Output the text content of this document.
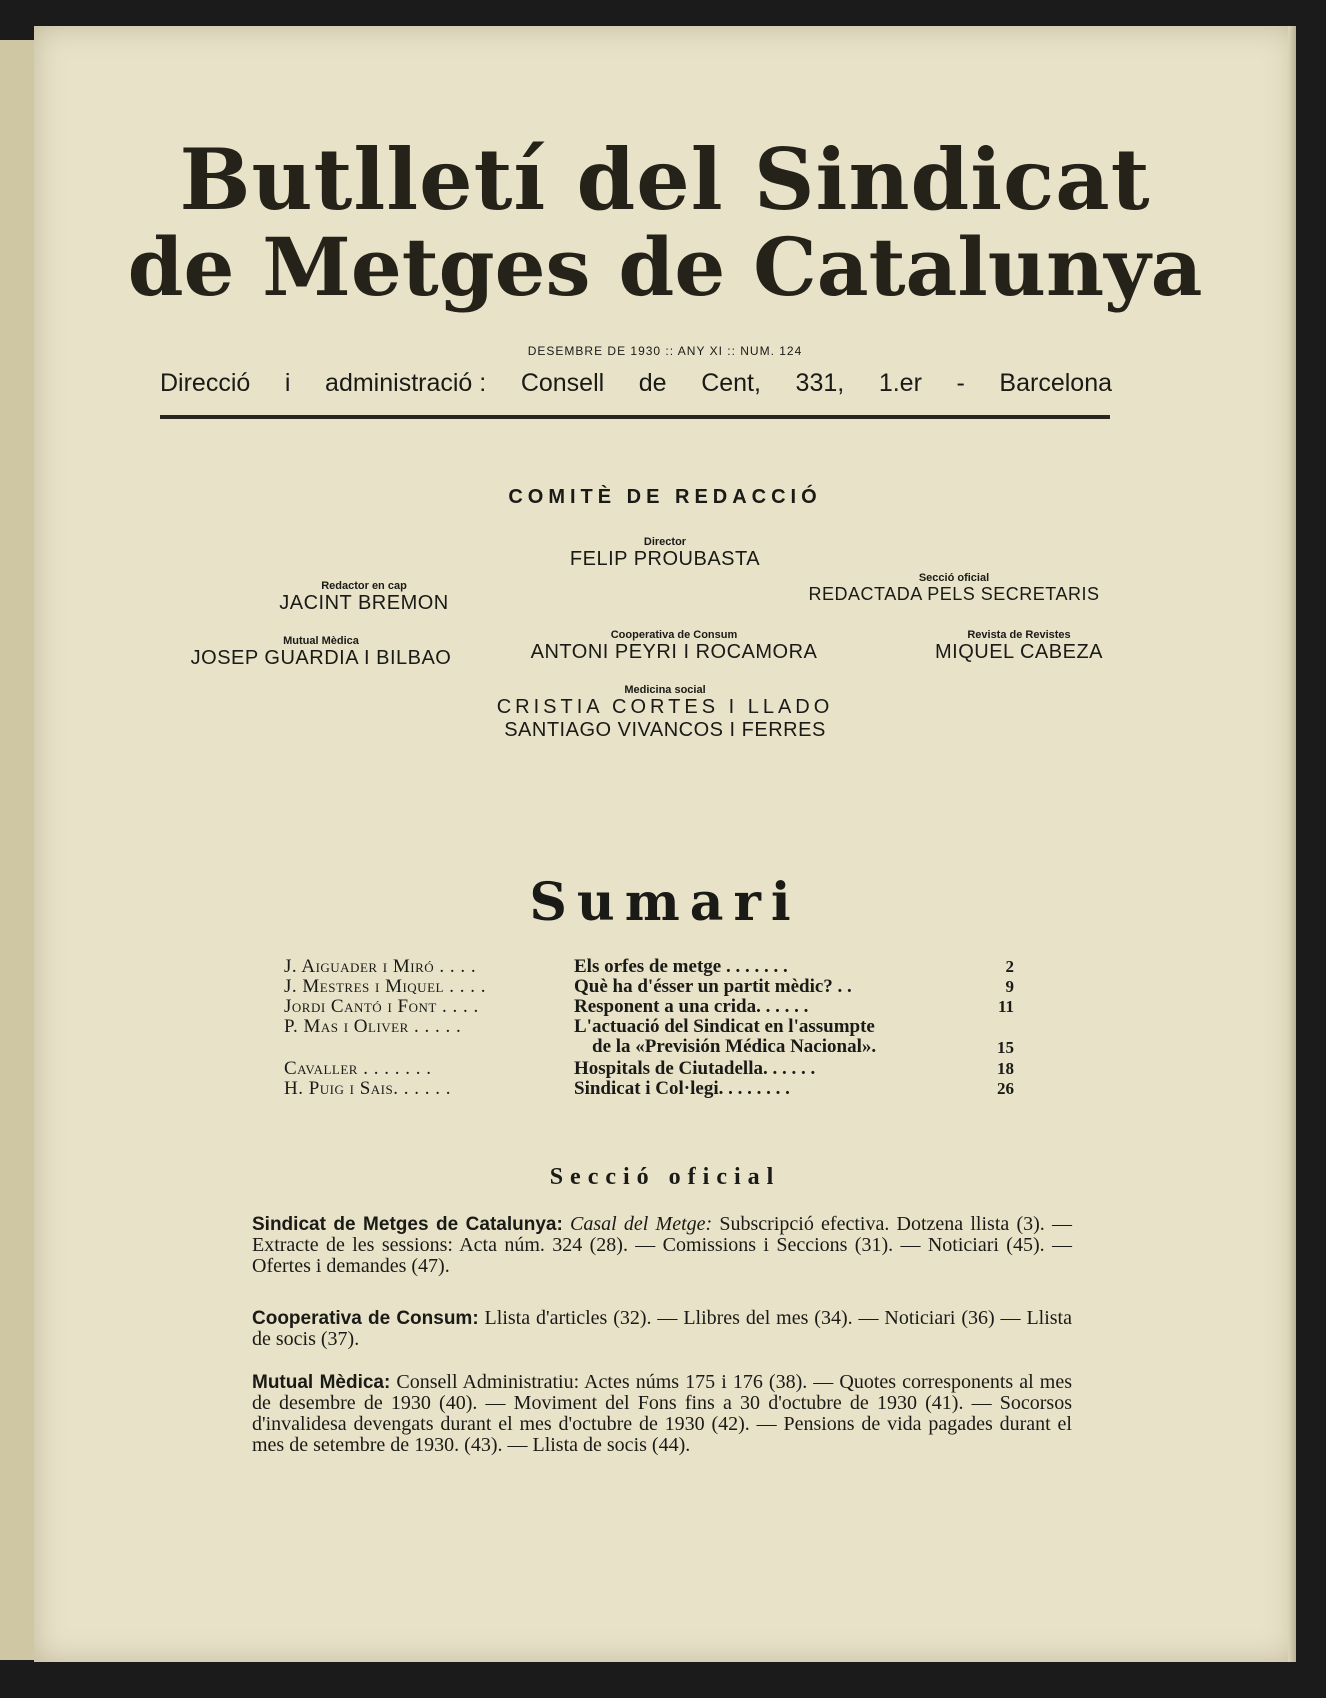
Butlletí del Sindicat
de Metges de Catalunya
DESEMBRE DE 1930 :: ANY XI :: NUM. 124
Direcció i administració : Consell de Cent, 331, 1.er - Barcelona
COMITÈ DE REDACCIÓ
Director
FELIP PROUBASTA
Redactor en cap
JACINT BREMON
Secció oficial
REDACTADA PELS SECRETARIS
Mutual Mèdica
JOSEP GUARDIA I BILBAO
Cooperativa de Consum
ANTONI PEYRI I ROCAMORA
Revista de Revistes
MIQUEL CABEZA
Medicina social
CRISTIA CORTES I LLADO
SANTIAGO VIVANCOS I FERRES
Sumari
J. Aiguader i Miró . . . .	Els orfes de metge . . . . . . .	2
J. Mestres i Miquel . . . .	Què ha d'ésser un partit mèdic? . .	9
Jordi Cantó i Font . . . .	Responent a una crida. . . . . .	11
P. Mas i Oliver . . . . .	L'actuació del Sindicat en l'assumpte
de la «Previsión Médica Nacional».	15
Cavaller . . . . . . .	Hospitals de Ciutadella. . . . . .	18
H. Puig i Sais. . . . . .	Sindicat i Col·legi. . . . . . . .	26
Secció oficial
Sindicat de Metges de Catalunya: Casal del Metge: Subscripció efectiva. Dotzena llista (3). — Extracte de les sessions: Acta núm. 324 (28). — Comissions i Seccions (31). — Noticiari (45). — Ofertes i demandes (47).
Cooperativa de Consum: Llista d'articles (32). — Llibres del mes (34). — Noticiari (36) — Llista de socis (37).
Mutual Mèdica: Consell Administratiu: Actes núms 175 i 176 (38). — Quotes corresponents al mes de desembre de 1930 (40). — Moviment del Fons fins a 30 d'octubre de 1930 (41). — Socorsos d'invalidesa devengats durant el mes d'octubre de 1930 (42). — Pensions de vida pagades durant el mes de setembre de 1930. (43). — Llista de socis (44).
